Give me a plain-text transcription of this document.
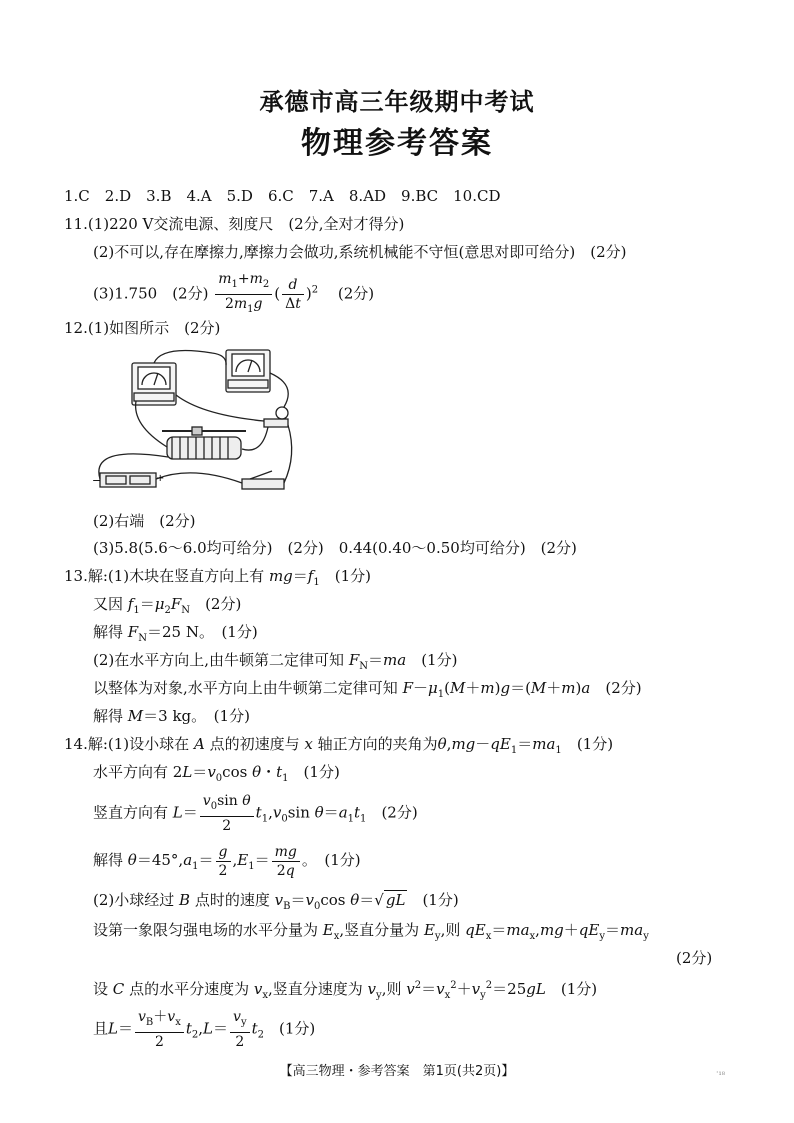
承德市高三年级期中考试
物理参考答案
1.C　2.D　3.B　4.A　5.D　6.C　7.A　8.AD　9.BC　10.CD
11.(1)220 V交流电源、刻度尺　(2分,全对才得分)
(2)不可以,存在摩擦力,摩擦力会做功,系统机械能不守恒(意思对即可给分)　(2分)
(3)1.750　(2分) $\frac{m_1+m_2}{2m_1g}$ ( $\frac{d}{\Delta t} )^2$ 　 (2分)
12.(1)如图所示　(2分)
−	+
(2)右端　(2分)
(3)5.8(5.6～6.0均可给分)　(2分)　0.44(0.40～0.50均可给分)　(2分)
13.解:(1)木块在竖直方向上有 $mg=f_1$　 (1分)
又因 $f_1=\mu_2F_N$　 (2分)
解得 $F_N=25$ N。　(1分)
(2)在水平方向上,由牛顿第二定律可知 $F_N=ma$　 (1分)
以整体为对象,水平方向上由牛顿第二定律可知 $F-\mu_1(M+m)g=(M+m)a$　 (2分)
解得 M＝3 kg。　(1分)
14.解:(1)设小球在 A 点的初速度与 x 轴正方向的夹角为$\theta,mg-qE_1=ma_1$　 (1分)
水平方向有 $2L=v_0\cos$ θ・$t_1$　 (1分)
竖直方向有 $L= \frac{v_0\sin \theta}{2} t_1,v_0\sin$ $\theta=a_1t_1$　 (2分)
解得 $\theta=45^\circ,a_1= \frac{g}{2} ,E_1= \frac{mg}{2q}$ 。　(1分)
(2)小球经过 B 点时的速度 $v_B=v_0\cos$ θ＝√ gL　 (1分)
设第一象限匀强电场的水平分量为 $E_x$,竖直分量为 $E_y$,则 $qE_x=ma_x,mg+qE_y=ma_y$
(2分)
设 C 点的水平分速度为 $v_x$,竖直分速度为 $v_y$,则 $v^2=v_x^2+v_y^2=25gL$　 (1分)
且$L= \frac{v_B+v_x}{2} t_2,L= \frac{v_y}{2} t_2$　 (1分)
【高三物理・参考答案　第1页(共2页)】	·₁₈
